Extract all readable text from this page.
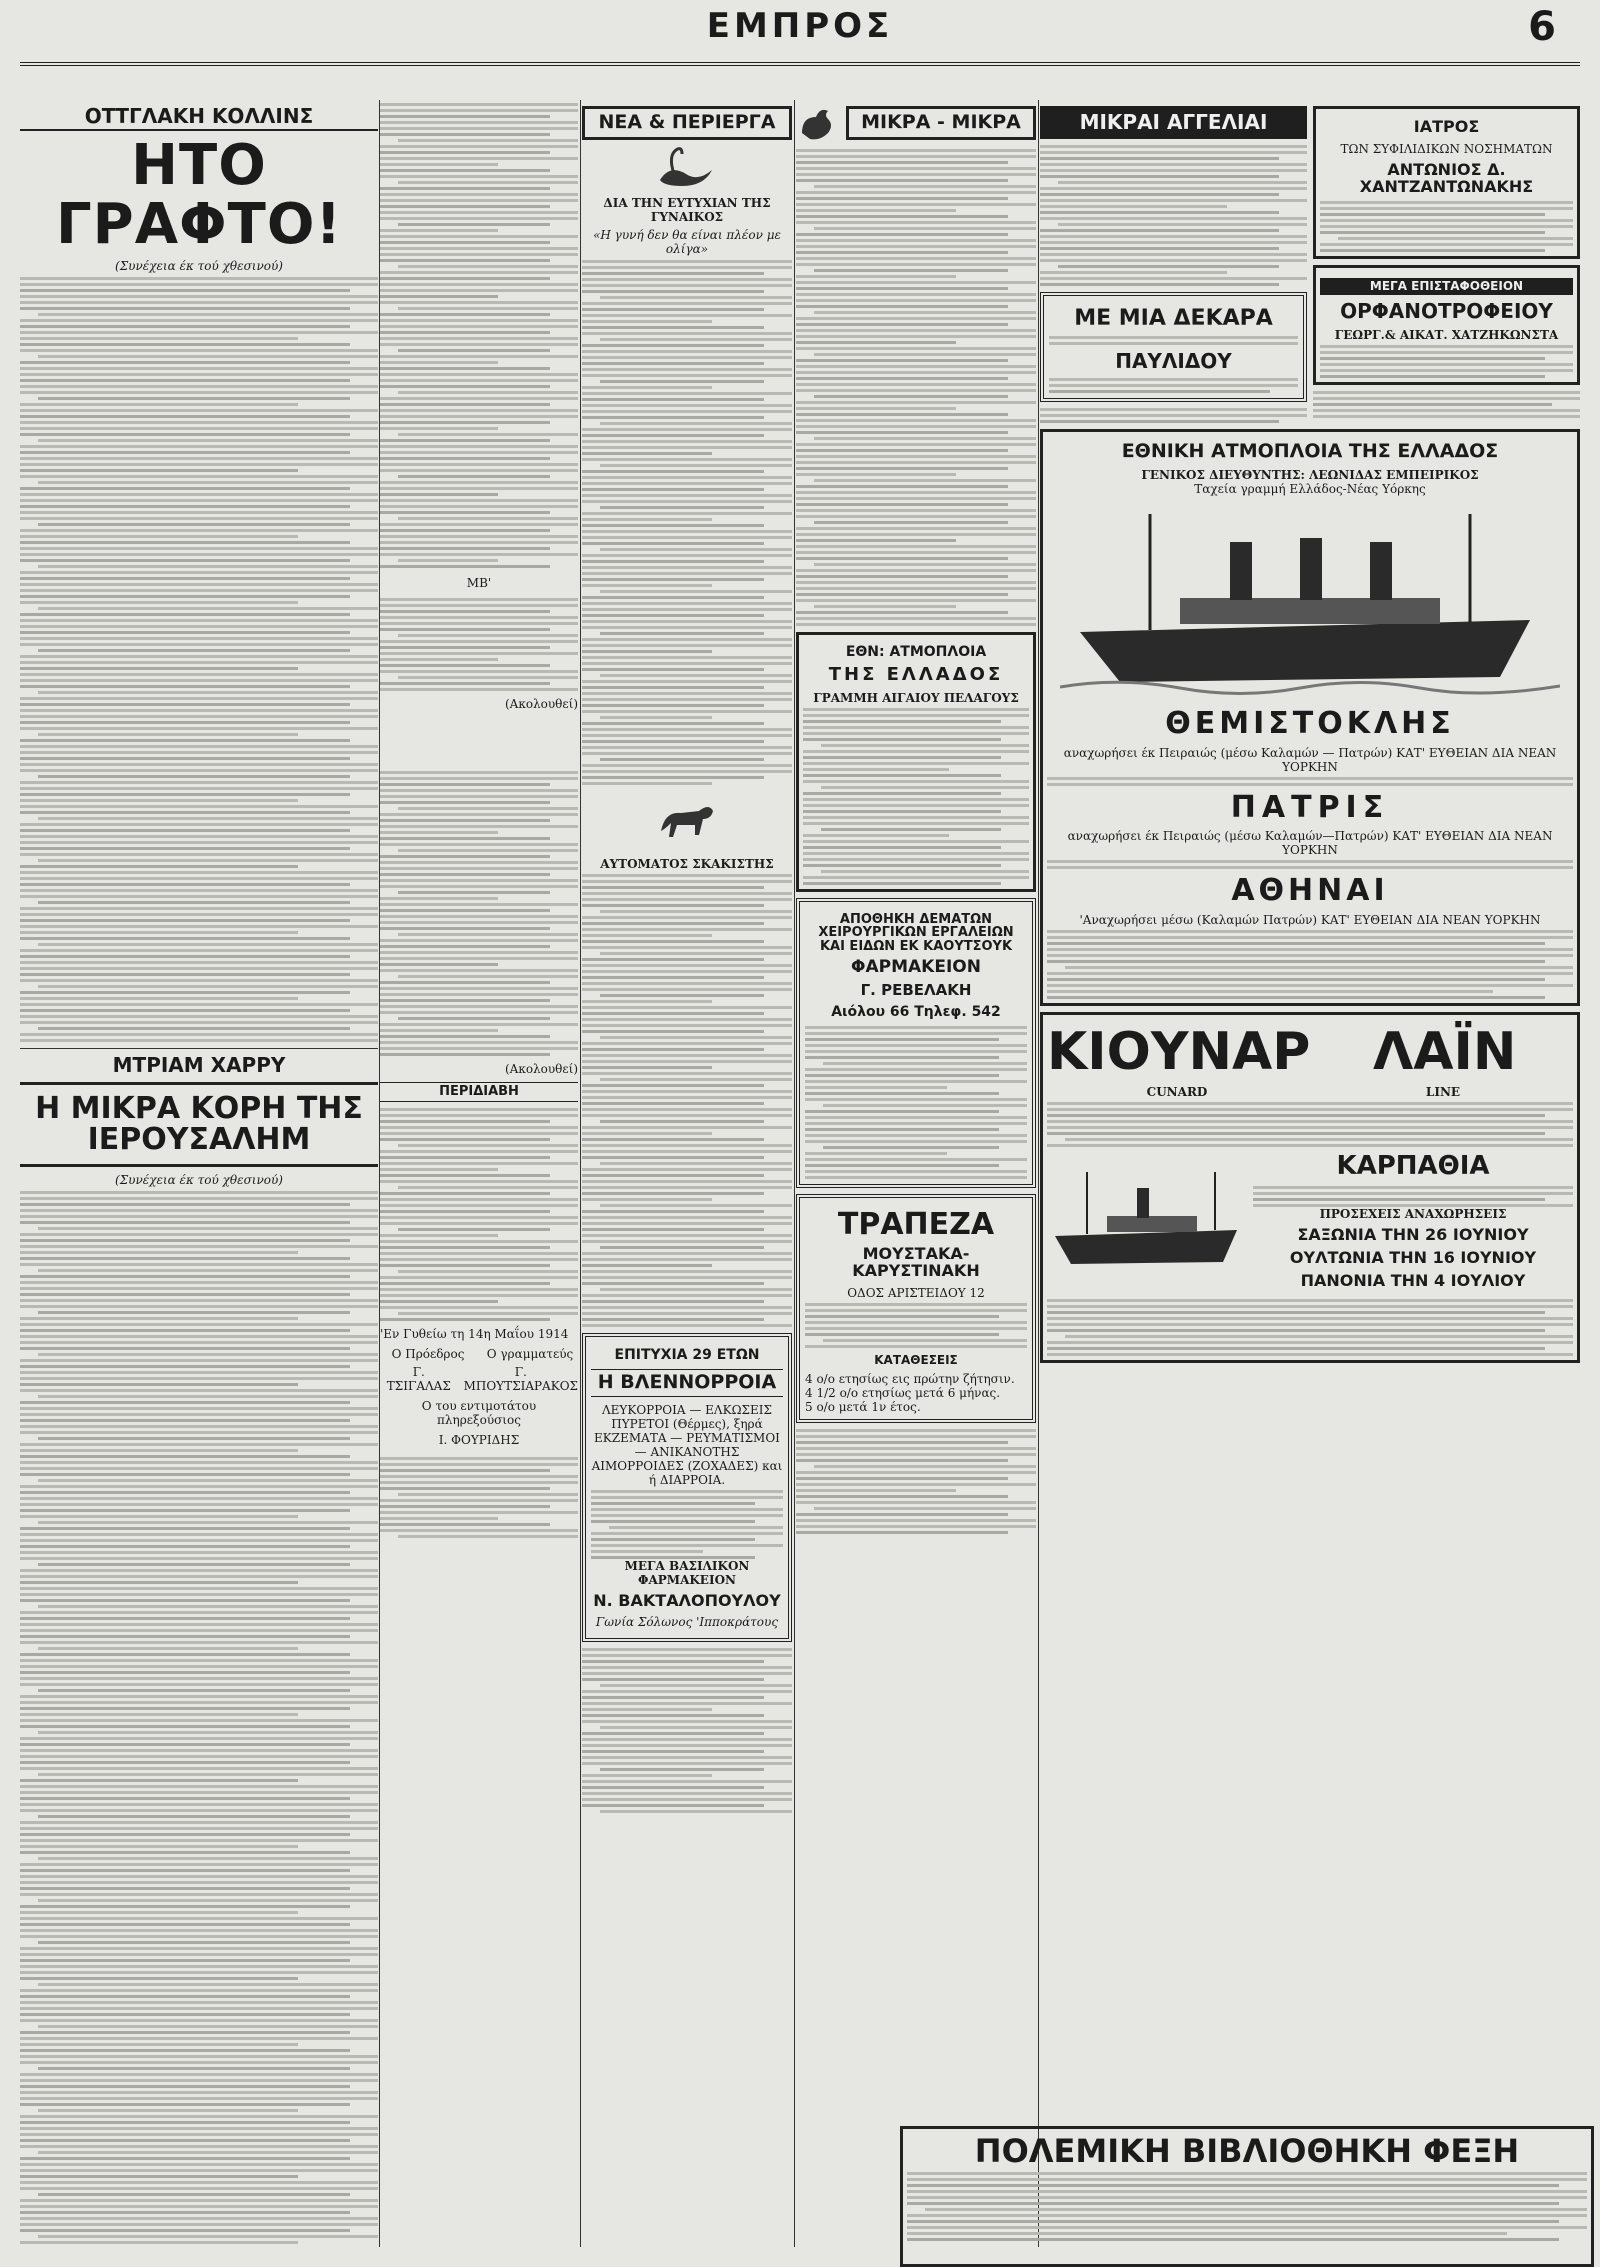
ΕΜΠΡΟΣ	6
ΟΤΤΓΛΑΚΗ ΚΟΛΛΙΝΣ
ΗΤΟ ΓΡΑΦΤΟ!
(Συνέχεια έκ τού χθεσινού)
ΜΤΡΙΑΜ ΧΑΡΡΥ
Η ΜΙΚΡΑ ΚΟΡΗ ΤΗΣ ΙΕΡΟΥΣΑΛΗΜ
(Συνέχεια έκ τού χθεσινού)
ΜΒ'
(Ακολουθεί)
(Ακολουθεί)
ΠΕΡΙΔΙΑΒΗ
'Εν Γυθείω τη 14η Μαΐου 1914
Ο Πρόεδρος	Ο γραμματεύς
Γ. ΤΣΙΓΑΛΑΣ
Γ. ΜΠΟΥΤΣΙΑΡΑΚΟΣ
Ο του εντιμοτάτου πληρεξούσιος
Ι. ΦΟΥΡΙΔΗΣ
ΝΕΑ & ΠΕΡΙΕΡΓΑ
ΔΙΑ ΤΗΝ ΕΥΤΥΧΙΑΝ ΤΗΣ ΓΥΝΑΙΚΟΣ
«Η γυνή δεν θα είναι πλέον με ολίγα»
ΑΥΤΟΜΑΤΟΣ ΣΚΑΚΙΣΤΗΣ
ΕΠΙΤΥΧΙΑ 29 ΕΤΩΝ
Η ΒΛΕΝΝΟΡΡΟΙΑ
ΛΕΥΚΟΡΡΟΙΑ — ΕΛΚΩΣΕΙΣ ΠΥΡΕΤΟΙ (Θέρμες), ξηρά ΕΚΖΕΜΑΤΑ — ΡΕΥΜΑΤΙΣΜΟΙ — ΑΝΙΚΑΝΟΤΗΣ ΑΙΜΟΡΡΟΙΔΕΣ (ΖΟΧΑΔΕΣ) και ή ΔΙΑΡΡΟΙΑ.
ΜΕΓΑ ΒΑΣΙΛΙΚΟΝ ΦΑΡΜΑΚΕΙΟΝ
Ν. ΒΑΚΤΑΛΟΠΟΥΛΟΥ
Γωνία Σόλωνος 'Ιπποκράτους
ΜΙΚΡΑ - ΜΙΚΡΑ
ΕΘΝ: ΑΤΜΟΠΛΟΙΑ
ΤΗΣ ΕΛΛΑΔΟΣ
ΓΡΑΜΜΗ ΑΙΓΑΙΟΥ ΠΕΛΑΓΟΥΣ
ΑΠΟΘΗΚΗ ΔΕΜΑΤΩΝ ΧΕΙΡΟΥΡΓΙΚΩΝ ΕΡΓΑΛΕΙΩΝ ΚΑΙ ΕΙΔΩΝ ΕΚ ΚΑΟΥΤΣΟΥΚ
ΦΑΡΜΑΚΕΙΟΝ
Γ. ΡΕΒΕΛΑΚΗ
Αιόλου 66 Τηλεφ. 542
ΤΡΑΠΕΖΑ
ΜΟΥΣΤΑΚΑ-ΚΑΡΥΣΤΙΝΑΚΗ
ΟΔΟΣ ΑΡΙΣΤΕΙΔΟΥ 12
ΚΑΤΑΘΕΣΕΙΣ
4 ο/ο ετησίως εις πρώτην ζήτησιν.
4 1/2 ο/ο ετησίως μετά 6 μήνας.
5 ο/ο μετά 1ν έτος.
ΜΙΚΡΑΙ ΑΓΓΕΛΙΑΙ
ΜΕ ΜΙΑ ΔΕΚΑΡΑ
ΠΑΥΛΙΔΟΥ
ΙΑΤΡΟΣ
ΤΩΝ ΣΥΦΙΛΙΔΙΚΩΝ ΝΟΣΗΜΑΤΩΝ
ΑΝΤΩΝΙΟΣ Δ. ΧΑΝΤΖΑΝΤΩΝΑΚΗΣ
ΜΕΓΑ ΕΠΙΣΤΑΦΟΘΕΙΟΝ
ΟΡΦΑΝΟΤΡΟΦΕΙΟΥ
ΓΕΩΡΓ.& ΑΙΚΑΤ. ΧΑΤΖΗΚΩΝΣΤΑ
ΕΘΝΙΚΗ ΑΤΜΟΠΛΟΙΑ ΤΗΣ ΕΛΛΑΔΟΣ
ΓΕΝΙΚΟΣ ΔΙΕΥΘΥΝΤΗΣ: ΛΕΩΝΙΔΑΣ ΕΜΠΕΙΡΙΚΟΣ
Ταχεία γραμμή Ελλάδος-Νέας Υόρκης
ΘΕΜΙΣΤΟΚΛΗΣ
αναχωρήσει έκ Πειραιώς (μέσω Καλαμών — Πατρών) ΚΑΤ' ΕΥΘΕΙΑΝ ΔΙΑ ΝΕΑΝ ΥΟΡΚΗΝ
ΠΑΤΡΙΣ
αναχωρήσει έκ Πειραιώς (μέσω Καλαμών—Πατρών) ΚΑΤ' ΕΥΘΕΙΑΝ ΔΙΑ ΝΕΑΝ ΥΟΡΚΗΝ
ΑΘΗΝΑΙ
'Αναχωρήσει μέσω (Καλαμών Πατρών) ΚΑΤ' ΕΥΘΕΙΑΝ ΔΙΑ ΝΕΑΝ ΥΟΡΚΗΝ
ΚΙΟΥΝΑΡ	ΛΑΪΝ
CUNARD	LINE
ΚΑΡΠΑΘΙΑ
ΠΡΟΣΕΧΕΙΣ ΑΝΑΧΩΡΗΣΕΙΣ
ΣΑΞΩΝΙΑ ΤΗΝ 26 ΙΟΥΝΙΟΥ
ΟΥΛΤΩΝΙΑ ΤΗΝ 16 ΙΟΥΝΙΟΥ
ΠΑΝΟΝΙΑ ΤΗΝ 4 ΙΟΥΛΙΟΥ
ΠΟΛΕΜΙΚΗ ΒΙΒΛΙΟΘΗΚΗ ΦΕΞΗ
